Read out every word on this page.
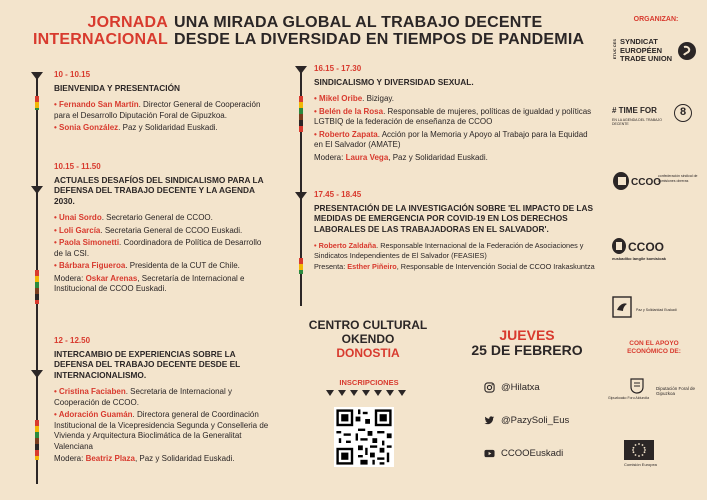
JORNADA
INTERNACIONAL
UNA MIRADA GLOBAL AL TRABAJO DECENTE
DESDE LA DIVERSIDAD EN TIEMPOS DE PANDEMIA
10 - 10.15
BIENVENIDA Y PRESENTACIÓN
• Fernando San Martín. Director General de Cooperación para el Desarrollo Diputación Foral de Gipuzkoa.
• Sonia González. Paz y Solidaridad Euskadi.
10.15 - 11.50
ACTUALES DESAFÍOS DEL SINDICALISMO PARA LA DEFENSA DEL TRABAJO DECENTE Y LA AGENDA 2030.
• Unai Sordo. Secretario General de CCOO.
• Loli García. Secretaria General de CCOO Euskadi.
• Paola Simonetti. Coordinadora de Política de Desarrollo de la CSI.
• Bárbara Figueroa. Presidenta de la CUT de Chile.
Modera: Oskar Arenas, Secretaría de Internacional e Institucional de CCOO Euskadi.
12 - 12.50
INTERCAMBIO DE EXPERIENCIAS SOBRE LA DEFENSA DEL TRABAJO DECENTE DESDE EL INTERNACIONALISMO.
• Cristina Faciaben. Secretaria de Internacional y Cooperación de CCOO.
• Adoración Guamán. Directora general de Coordinación Institucional de la Vicepresidencia Segunda y Conselleria de Vivienda y Arquitectura Bioclimática de la Generalitat Valenciana
Modera: Beatriz Plaza, Paz y Solidaridad Euskadi.
16.15 - 17.30
SINDICALISMO Y DIVERSIDAD SEXUAL.
• Mikel Oribe. Bizigay.
• Belén de la Rosa. Responsable de mujeres, políticas de igualdad y políticas LGTBIQ de la federación de enseñanza de CCOO
• Roberto Zapata. Acción por la Memoria y Apoyo al Trabajo para la Equidad en El Salvador (AMATE)
Modera: Laura Vega, Paz y Solidaridad Euskadi.
17.45 - 18.45
PRESENTACIÓN DE LA INVESTIGACIÓN SOBRE 'EL IMPACTO DE LAS MEDIDAS DE EMERGENCIA POR COVID-19 EN LOS DERECHOS LABORALES DE LAS TRABAJADORAS EN EL SALVADOR'.
• Roberto Zaldaña. Responsable Internacional de la Federación de Asociaciones y Sindicatos Independientes de El Salvador (FEASIES)
Presenta: Esther Piñeiro, Responsable de Intervención Social de CCOO Irakaskuntza
CENTRO CULTURAL
OKENDO
DONOSTIA
JUEVES
25 DE FEBRERO
INSCRIPCIONES	@Hilatxa
@PazySoli_Eus
CCOOEuskadi
ORGANIZAN:
ETUC CES SYNDICAT
EUROPÉEN
TRADE UNION
# TIME FOR
EN LA AGENDA DEL TRABAJO DECENTE
8
CCOO
confederación sindical de comisiones obreras
CCOO
euskadiko langile komisioak
Paz y Solidaridad Euskadi
CON EL APOYO ECONÓMICO DE:
Gipuzkoako Foru Aldundia
Diputación Foral de Gipuzkoa
Comisión Europea
